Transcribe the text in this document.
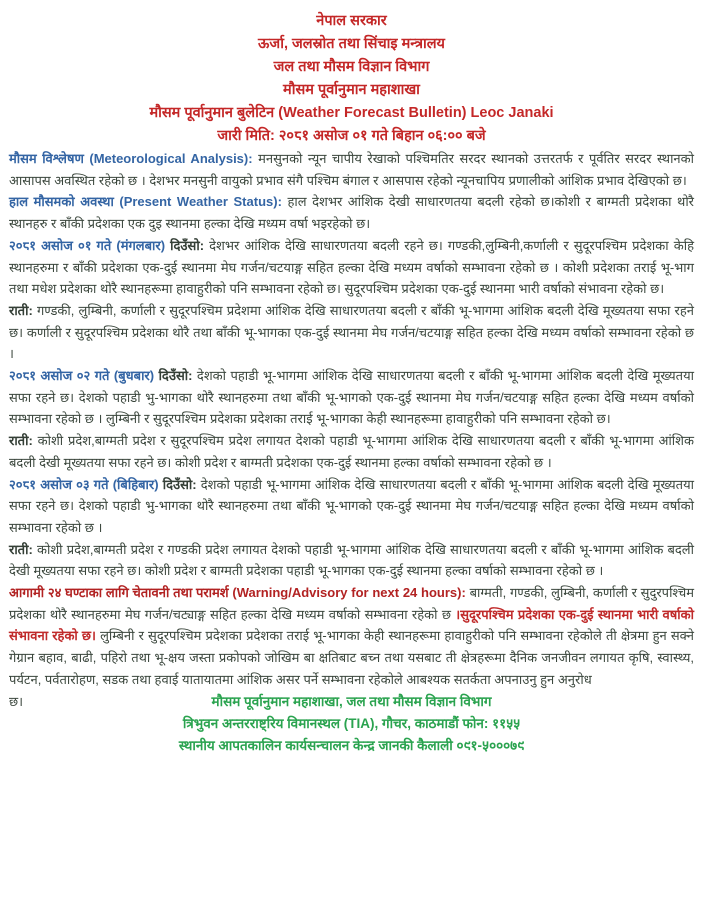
नेपाल सरकार
ऊर्जा, जलस्रोत तथा सिंचाइ मन्त्रालय
जल तथा मौसम विज्ञान विभाग
मौसम पूर्वानुमान महाशाखा
मौसम पूर्वानुमान बुलेटिन (Weather Forecast Bulletin) Leoc Janaki
जारी मिति: २०८१ असोज ०१ गते बिहान ०६:०० बजे

मौसम विश्लेषण (Meteorological Analysis): मनसुनको न्यून चापीय रेखाको पश्चिमतिर सरदर स्थानको उत्तरतर्फ र पूर्वतिर सरदर स्थानको आसापस अवस्थित रहेको छ । देशभर मनसुनी वायुको प्रभाव संगै पश्चिम बंगाल र आसपास रहेको न्यूनचापिय प्रणालीको आंशिक प्रभाव देखिएको छ।

हाल मौसमको अवस्था (Present Weather Status): हाल देशभर आंशिक देखी साधारणतया बदली रहेको छ।कोशी र बाग्मती प्रदेशका थोरै स्थानहरु र बाँकी प्रदेशका एक दुइ स्थानमा हल्का देखि मध्यम वर्षा भइरहेको छ।

२०८१ असोज ०१ गते (मंगलबार) दिउँसो: देशभर आंशिक देखि साधारणतया बदली रहने छ। गण्डकी,लुम्बिनी,कर्णाली र सुदूरपश्चिम प्रदेशका केहि स्थानहरुमा र बाँकी प्रदेशका एक-दुई स्थानमा मेघ गर्जन/चटयाङ्ग सहित हल्का देखि मध्यम वर्षाको सम्भावना रहेको छ । कोशी प्रदेशका तराई भू-भाग तथा मधेश प्रदेशका थोरै स्थानहरूमा हावाहुरीको पनि सम्भावना रहेको छ। सुदूरपश्चिम प्रदेशका एक-दुई स्थानमा भारी वर्षाको संभावना रहेको छ।

राती: गण्डकी, लुम्बिनी, कर्णाली र सुदूरपश्चिम प्रदेशमा आंशिक देखि साधारणतया बदली र बाँकी भू-भागमा आंशिक बदली देखि मूख्यतया सफा रहने छ। कर्णाली र सुदूरपश्चिम प्रदेशका थोरै तथा बाँकी भू-भागका एक-दुई स्थानमा मेघ गर्जन/चटयाङ्ग सहित हल्का देखि मध्यम वर्षाको सम्भावना रहेको छ ।

२०८१ असोज ०२ गते (बुधबार) दिउँसो: देशको पहाडी भू-भागमा आंशिक देखि साधारणतया बदली र बाँकी भू-भागमा आंशिक बदली देखि मूख्यतया सफा रहने छ। देशको पहाडी भु-भागका थोरै स्थानहरुमा तथा बाँकी भू-भागको एक-दुई स्थानमा मेघ गर्जन/चटयाङ्ग सहित हल्का देखि मध्यम वर्षाको सम्भावना रहेको छ । लुम्बिनी र सुदूरपश्चिम प्रदेशका प्रदेशका तराई भू-भागका केही स्थानहरूमा हावाहुरीको पनि सम्भावना रहेको छ।

राती: कोशी प्रदेश,बाग्मती प्रदेश र सुदूरपश्चिम प्रदेश लगायत देशको पहाडी भू-भागमा आंशिक देखि साधारणतया बदली र बाँकी भू-भागमा आंशिक बदली देखी मूख्यतया सफा रहने छ। कोशी प्रदेश र बाग्मती प्रदेशका एक-दुई स्थानमा हल्का वर्षाको सम्भावना रहेको छ ।

२०८१ असोज ०३ गते (बिहिबार) दिउँसो: देशको पहाडी भू-भागमा आंशिक देखि साधारणतया बदली र बाँकी भू-भागमा आंशिक बदली देखि मूख्यतया सफा रहने छ। देशको पहाडी भु-भागका थोरै स्थानहरुमा तथा बाँकी भू-भागको एक-दुई स्थानमा मेघ गर्जन/चटयाङ्ग सहित हल्का देखि मध्यम वर्षाको सम्भावना रहेको छ ।

राती: कोशी प्रदेश,बाग्मती प्रदेश र गण्डकी प्रदेश लगायत देशको पहाडी भू-भागमा आंशिक देखि साधारणतया बदली र बाँकी भू-भागमा आंशिक बदली देखी मूख्यतया सफा रहने छ। कोशी प्रदेश र बाग्मती प्रदेशका पहाडी भू-भागका एक-दुई स्थानमा हल्का वर्षाको सम्भावना रहेको छ ।

आगामी २४ घण्टाका लागि चेतावनी तथा परामर्श (Warning/Advisory for next 24 hours): बाग्मती, गण्डकी, लुम्बिनी, कर्णाली र सुदुरपश्चिम प्रदेशका थोरै स्थानहरुमा मेघ गर्जन/चट्याङ्ग सहित हल्का देखि मध्यम वर्षाको सम्भावना रहेको छ ।सुदूरपश्चिम प्रदेशका एक-दुई स्थानमा भारी वर्षाको संभावना रहेको छ। लुम्बिनी र सुदूरपश्चिम प्रदेशका प्रदेशका तराई भू-भागका केही स्थानहरूमा हावाहुरीको पनि सम्भावना रहेकोले ती क्षेत्रमा हुन सक्ने गेग्रान बहाव, बाढी, पहिरो तथा भू-क्षय जस्ता प्रकोपको जोखिम बा क्षतिबाट बच्न तथा यसबाट ती क्षेत्रहरूमा दैनिक जनजीवन लगायत कृषि, स्वास्थ्य, पर्यटन, पर्वतारोहण, सडक तथा हवाई यातायातमा आंशिक असर पर्ने सम्भावना रहेकोले आबश्यक सतर्कता अपनाउनु हुन अनुरोध

छ।	मौसम पूर्वानुमान महाशाखा, जल तथा मौसम विज्ञान विभाग
त्रिभुवन अन्तरराष्ट्रिय विमानस्थल (TIA), गौचर, काठमाडौं फोन: ११५५
स्थानीय आपतकालिन कार्यसन्चालन केन्द्र जानकी कैलाली ०९१-५०००७९
